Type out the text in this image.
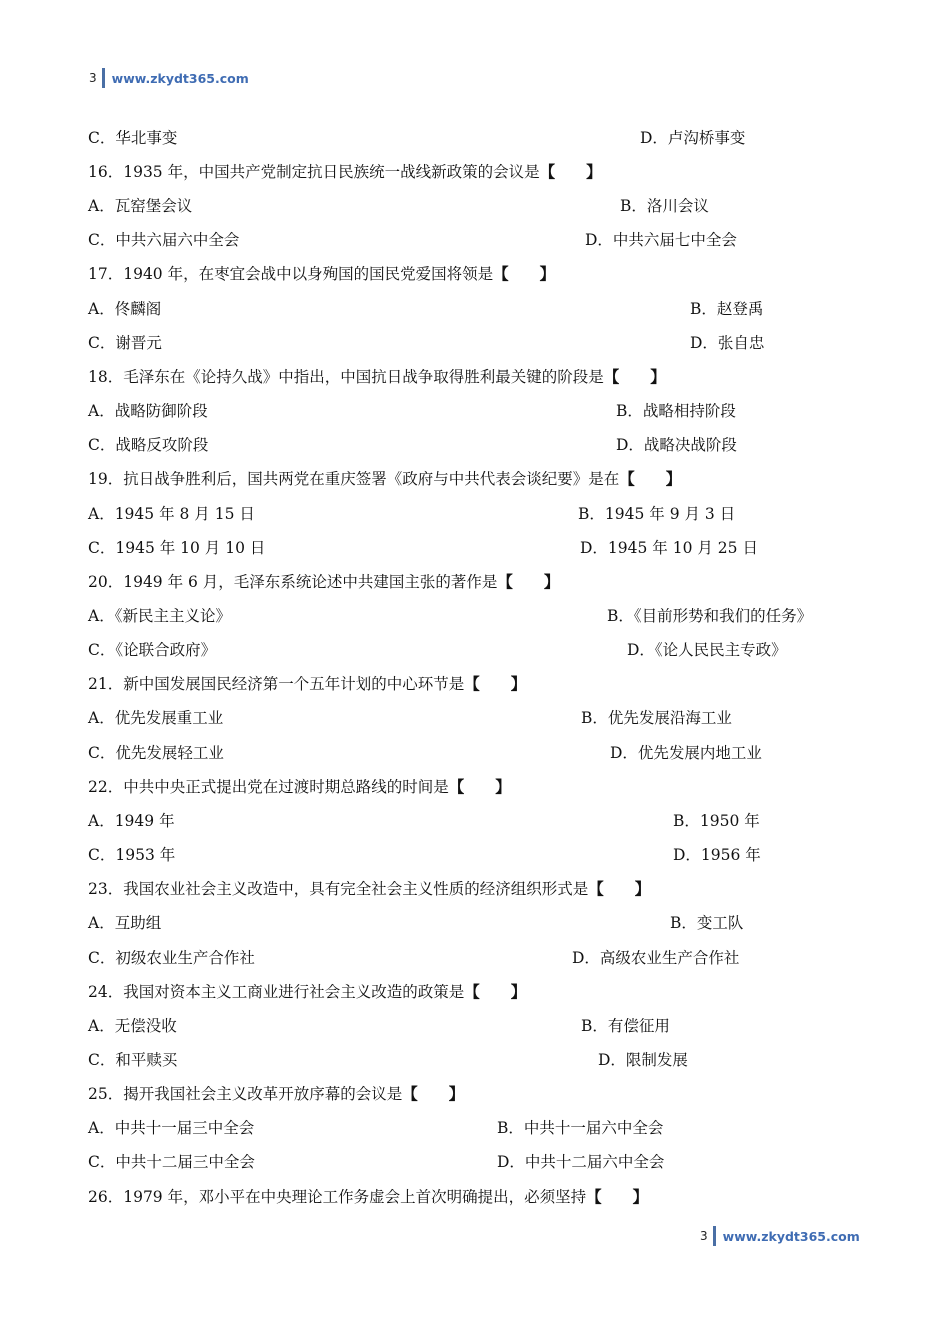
3 www.zkydt365.com
C．华北事变	D．卢沟桥事变
16．1935 年，中国共产党制定抗日民族统一战线新政策的会议是【　　】
A．瓦窑堡会议	B．洛川会议
C．中共六届六中全会	D．中共六届七中全会
17．1940 年，在枣宜会战中以身殉国的国民党爱国将领是【　　】
A．佟麟阁	B．赵登禹
C．谢晋元	D．张自忠
18．毛泽东在《论持久战》中指出，中国抗日战争取得胜利最关键的阶段是【　　】
A．战略防御阶段	B．战略相持阶段
C．战略反攻阶段	D．战略决战阶段
19．抗日战争胜利后，国共两党在重庆签署《政府与中共代表会谈纪要》是在【　　】
A．1945 年 8 月 15 日	B．1945 年 9 月 3 日
C．1945 年 10 月 10 日	D．1945 年 10 月 25 日
20．1949 年 6 月，毛泽东系统论述中共建国主张的著作是【　　】
A．《新民主主义论》	B．《目前形势和我们的任务》
C．《论联合政府》	D．《论人民民主专政》
21．新中国发展国民经济第一个五年计划的中心环节是【　　】
A．优先发展重工业	B．优先发展沿海工业
C．优先发展轻工业	D．优先发展内地工业
22．中共中央正式提出党在过渡时期总路线的时间是【　　】
A．1949 年	B．1950 年
C．1953 年	D．1956 年
23．我国农业社会主义改造中，具有完全社会主义性质的经济组织形式是【　　】
A．互助组	B．变工队
C．初级农业生产合作社	D．高级农业生产合作社
24．我国对资本主义工商业进行社会主义改造的政策是【　　】
A．无偿没收	B．有偿征用
C．和平赎买	D．限制发展
25．揭开我国社会主义改革开放序幕的会议是【　　】
A．中共十一届三中全会	B．中共十一届六中全会
C．中共十二届三中全会	D．中共十二届六中全会
26．1979 年，邓小平在中央理论工作务虚会上首次明确提出，必须坚持【　　】
3 www.zkydt365.com
